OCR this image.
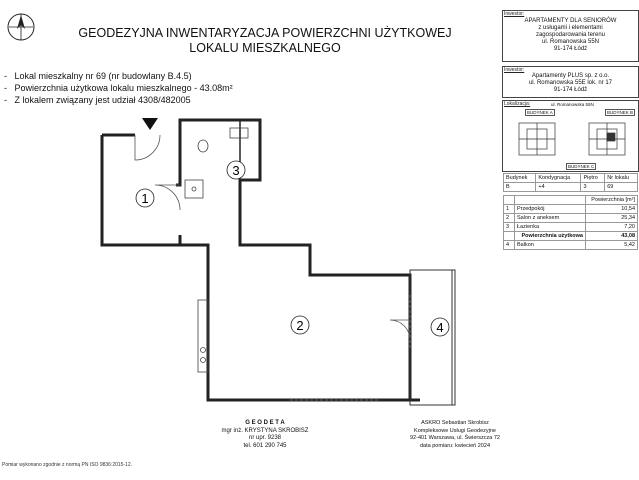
GEODEZYJNA INWENTARYZACJA POWIERZCHNI UŻYTKOWEJ
LOKALU MIESZKALNEGO
-   Lokal mieszkalny nr 69 (nr budowlany B.4.5)
-   Powierzchnia użytkowa lokalu mieszkalnego - 43.08m²
-   Z lokalem związany jest udział 4308/482005
1
2
3
4
Inwestor:
APARTAMENTY DLA SENIORÓW
z usługami i elementami
zagospodarowania terenu
ul. Romanowska 55N
91-174 Łódź
Inwestor:
Apartamenty PLUS sp. z o.o.
ul. Romanowska 55E lok. nr 17
91-174 Łódź
Lokalizacja:	ul. Romanowska 55N
BUDYNEK A	BUDYNEK B
BUDYNEK C
Budynek	Kondygnacja	Piętro	Nr lokalu
B	+4	3	69
		Powierzchnia [m²]
1	Przedpokój	10,54
2	Salon z aneksem	25,34
3	Łazienka	7,20
	Powierzchnia użytkowa	43,08
4	Balkon	5,42
G E O D E T A
mgr inż. KRYSTYNA SKROBISZ
nr upr. 9238
tel. 601 290 745
ASKRO Sebastian Skrobisz
Kompleksowe Usługi Geodezyjne
92-401 Warszawa, ul. Świerszcza 72
data pomiaru: kwiecień 2024
Pomiar wykonano zgodnie z normą PN ISO 9836:2015-12.
